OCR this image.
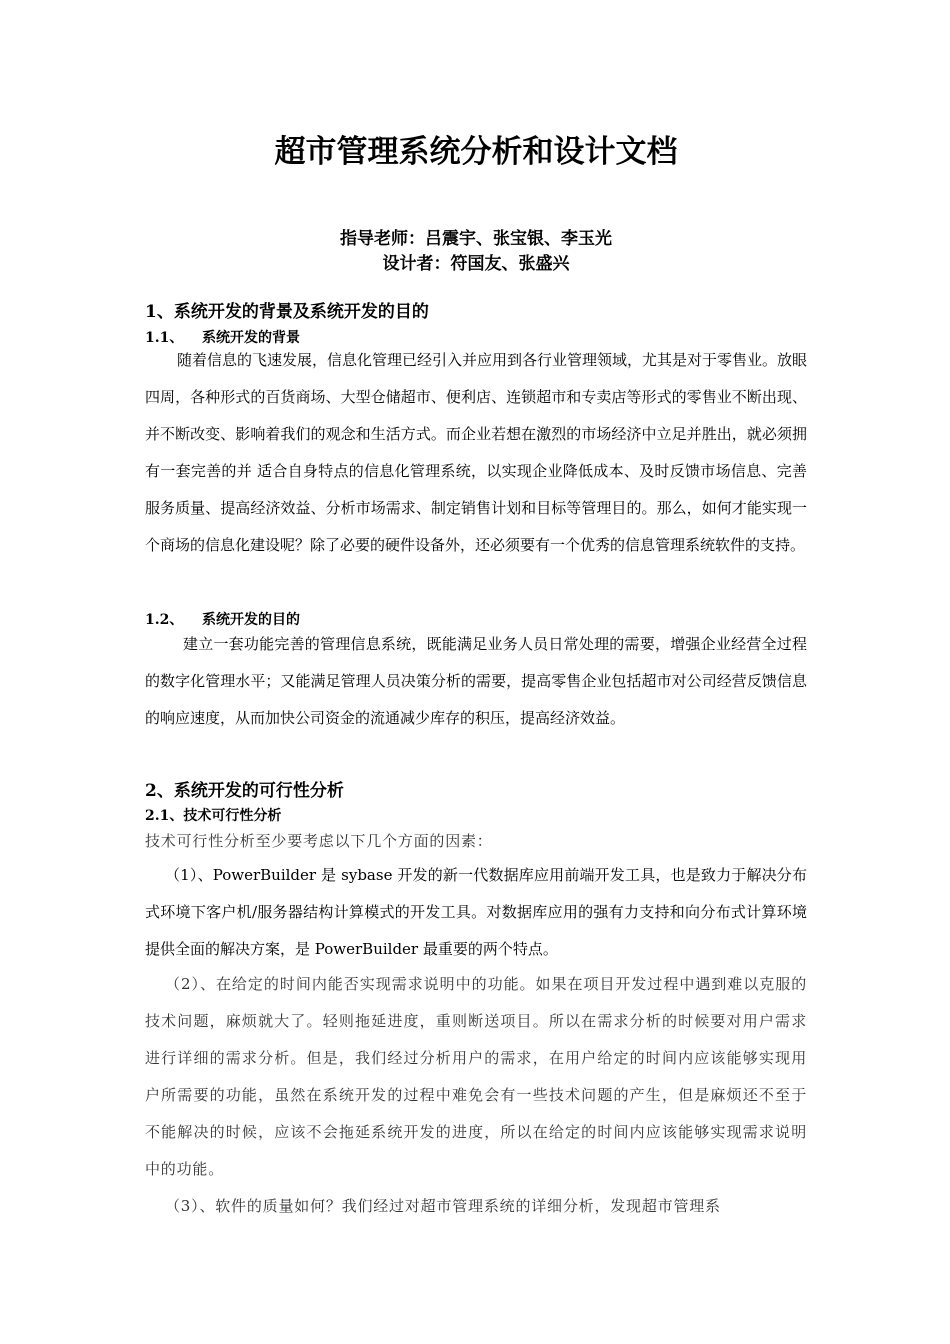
超市管理系统分析和设计文档
指导老师：吕震宇、张宝银、李玉光
设计者：符国友、张盛兴
1、系统开发的背景及系统开发的目的
1.1、 系统开发的背景

随着信息的飞速发展，信息化管理已经引入并应用到各行业管理领域，尤其是对于零售业。放眼四周，各种形式的百货商场、大型仓储超市、便利店、连锁超市和专卖店等形式的零售业不断出现、并不断改变、影响着我们的观念和生活方式。而企业若想在激烈的市场经济中立足并胜出，就必须拥有一套完善的并 适合自身特点的信息化管理系统，以实现企业降低成本、及时反馈市场信息、完善服务质量、提高经济效益、分析市场需求、制定销售计划和目标等管理目的。那么，如何才能实现一个商场的信息化建设呢？除了必要的硬件设备外，还必须要有一个优秀的信息管理系统软件的支持。

1.2、 系统开发的目的

建立一套功能完善的管理信息系统，既能满足业务人员日常处理的需要，增强企业经营全过程的数字化管理水平；又能满足管理人员决策分析的需要，提高零售企业包括超市对公司经营反馈信息的响应速度，从而加快公司资金的流通减少库存的积压，提高经济效益。

2、系统开发的可行性分析
2.1、技术可行性分析
技术可行性分析至少要考虑以下几个方面的因素：

（1）、PowerBuilder 是 sybase 开发的新一代数据库应用前端开发工具，也是致力于解决分布式环境下客户机/服务器结构计算模式的开发工具。对数据库应用的强有力支持和向分布式计算环境提供全面的解决方案，是 PowerBuilder 最重要的两个特点。

（2）、在给定的时间内能否实现需求说明中的功能。如果在项目开发过程中遇到难以克服的技术问题，麻烦就大了。轻则拖延进度，重则断送项目。所以在需求分析的时候要对用户需求进行详细的需求分析。但是，我们经过分析用户的需求，在用户给定的时间内应该能够实现用户所需要的功能，虽然在系统开发的过程中难免会有一些技术问题的产生，但是麻烦还不至于不能解决的时候，应该不会拖延系统开发的进度，所以在给定的时间内应该能够实现需求说明中的功能。

（3）、软件的质量如何？我们经过对超市管理系统的详细分析，发现超市管理系
